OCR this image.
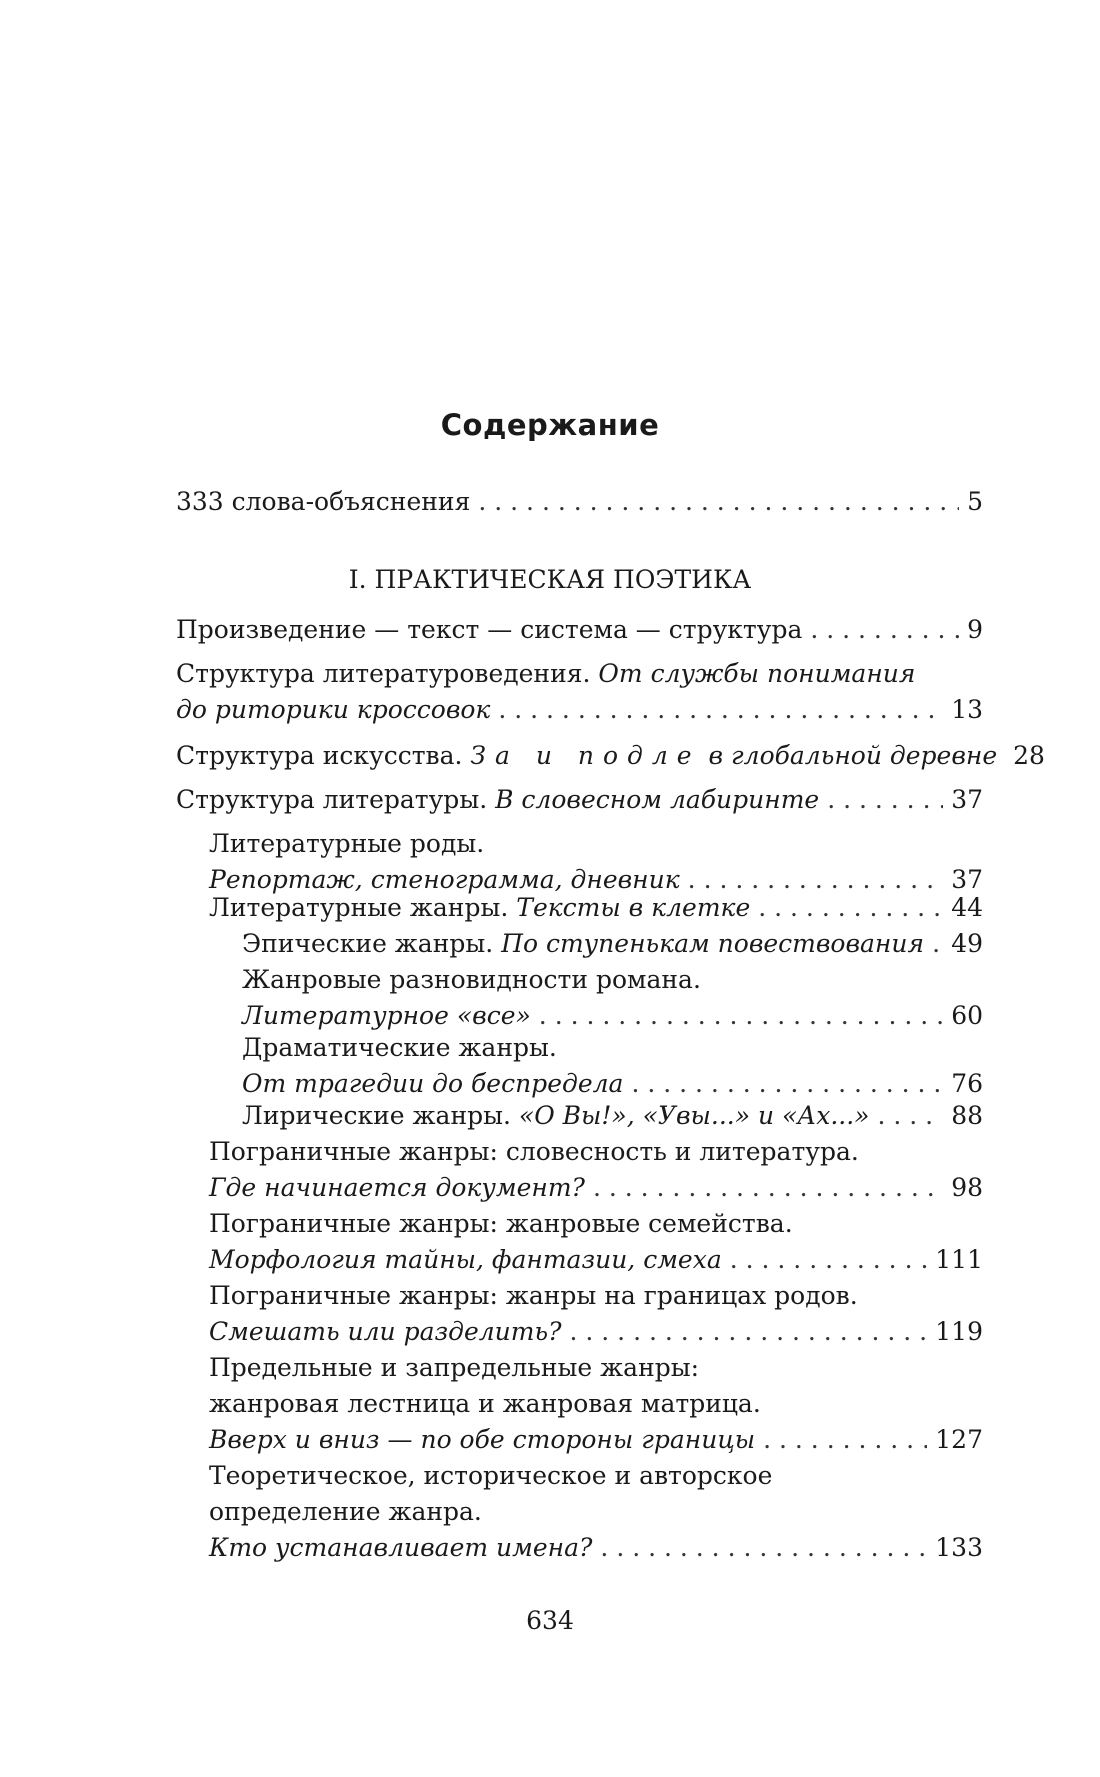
Содержание
333 слова-объяснения . . .	5
I. ПРАКТИЧЕСКАЯ ПОЭТИКА
Произведение — текст — система — структура . . .	9
Структура литературоведения. От службы понимания
до риторики кроссовок . . .	13
Структура искусства. За и подле в глобальной деревне 28
Структура литературы. В словесном лабиринте . . .	37
Литературные роды.
Репортаж, стенограмма, дневник . . .	37
Литературные жанры. Тексты в клетке . . .	44
Эпические жанры. По ступенькам повествования . . . 49
Жанровые разновидности романа.
Литературное «все» . . .	60
Драматические жанры.
От трагедии до беспредела . . .	76
Лирические жанры. «О Вы!», «Увы...» и «Ах...» . . .	88
Пограничные жанры: словесность и литература.
Где начинается документ? . . .	98
Пограничные жанры: жанровые семейства.
Морфология тайны, фантазии, смеха . . .	111
Пограничные жанры: жанры на границах родов.
Смешать или разделить? . . .	119
Предельные и запредельные жанры:
жанровая лестница и жанровая матрица.
Вверх и вниз — по обе стороны границы . . .	127
Теоретическое, историческое и авторское
определение жанра.
Кто устанавливает имена? . . .	133
634
